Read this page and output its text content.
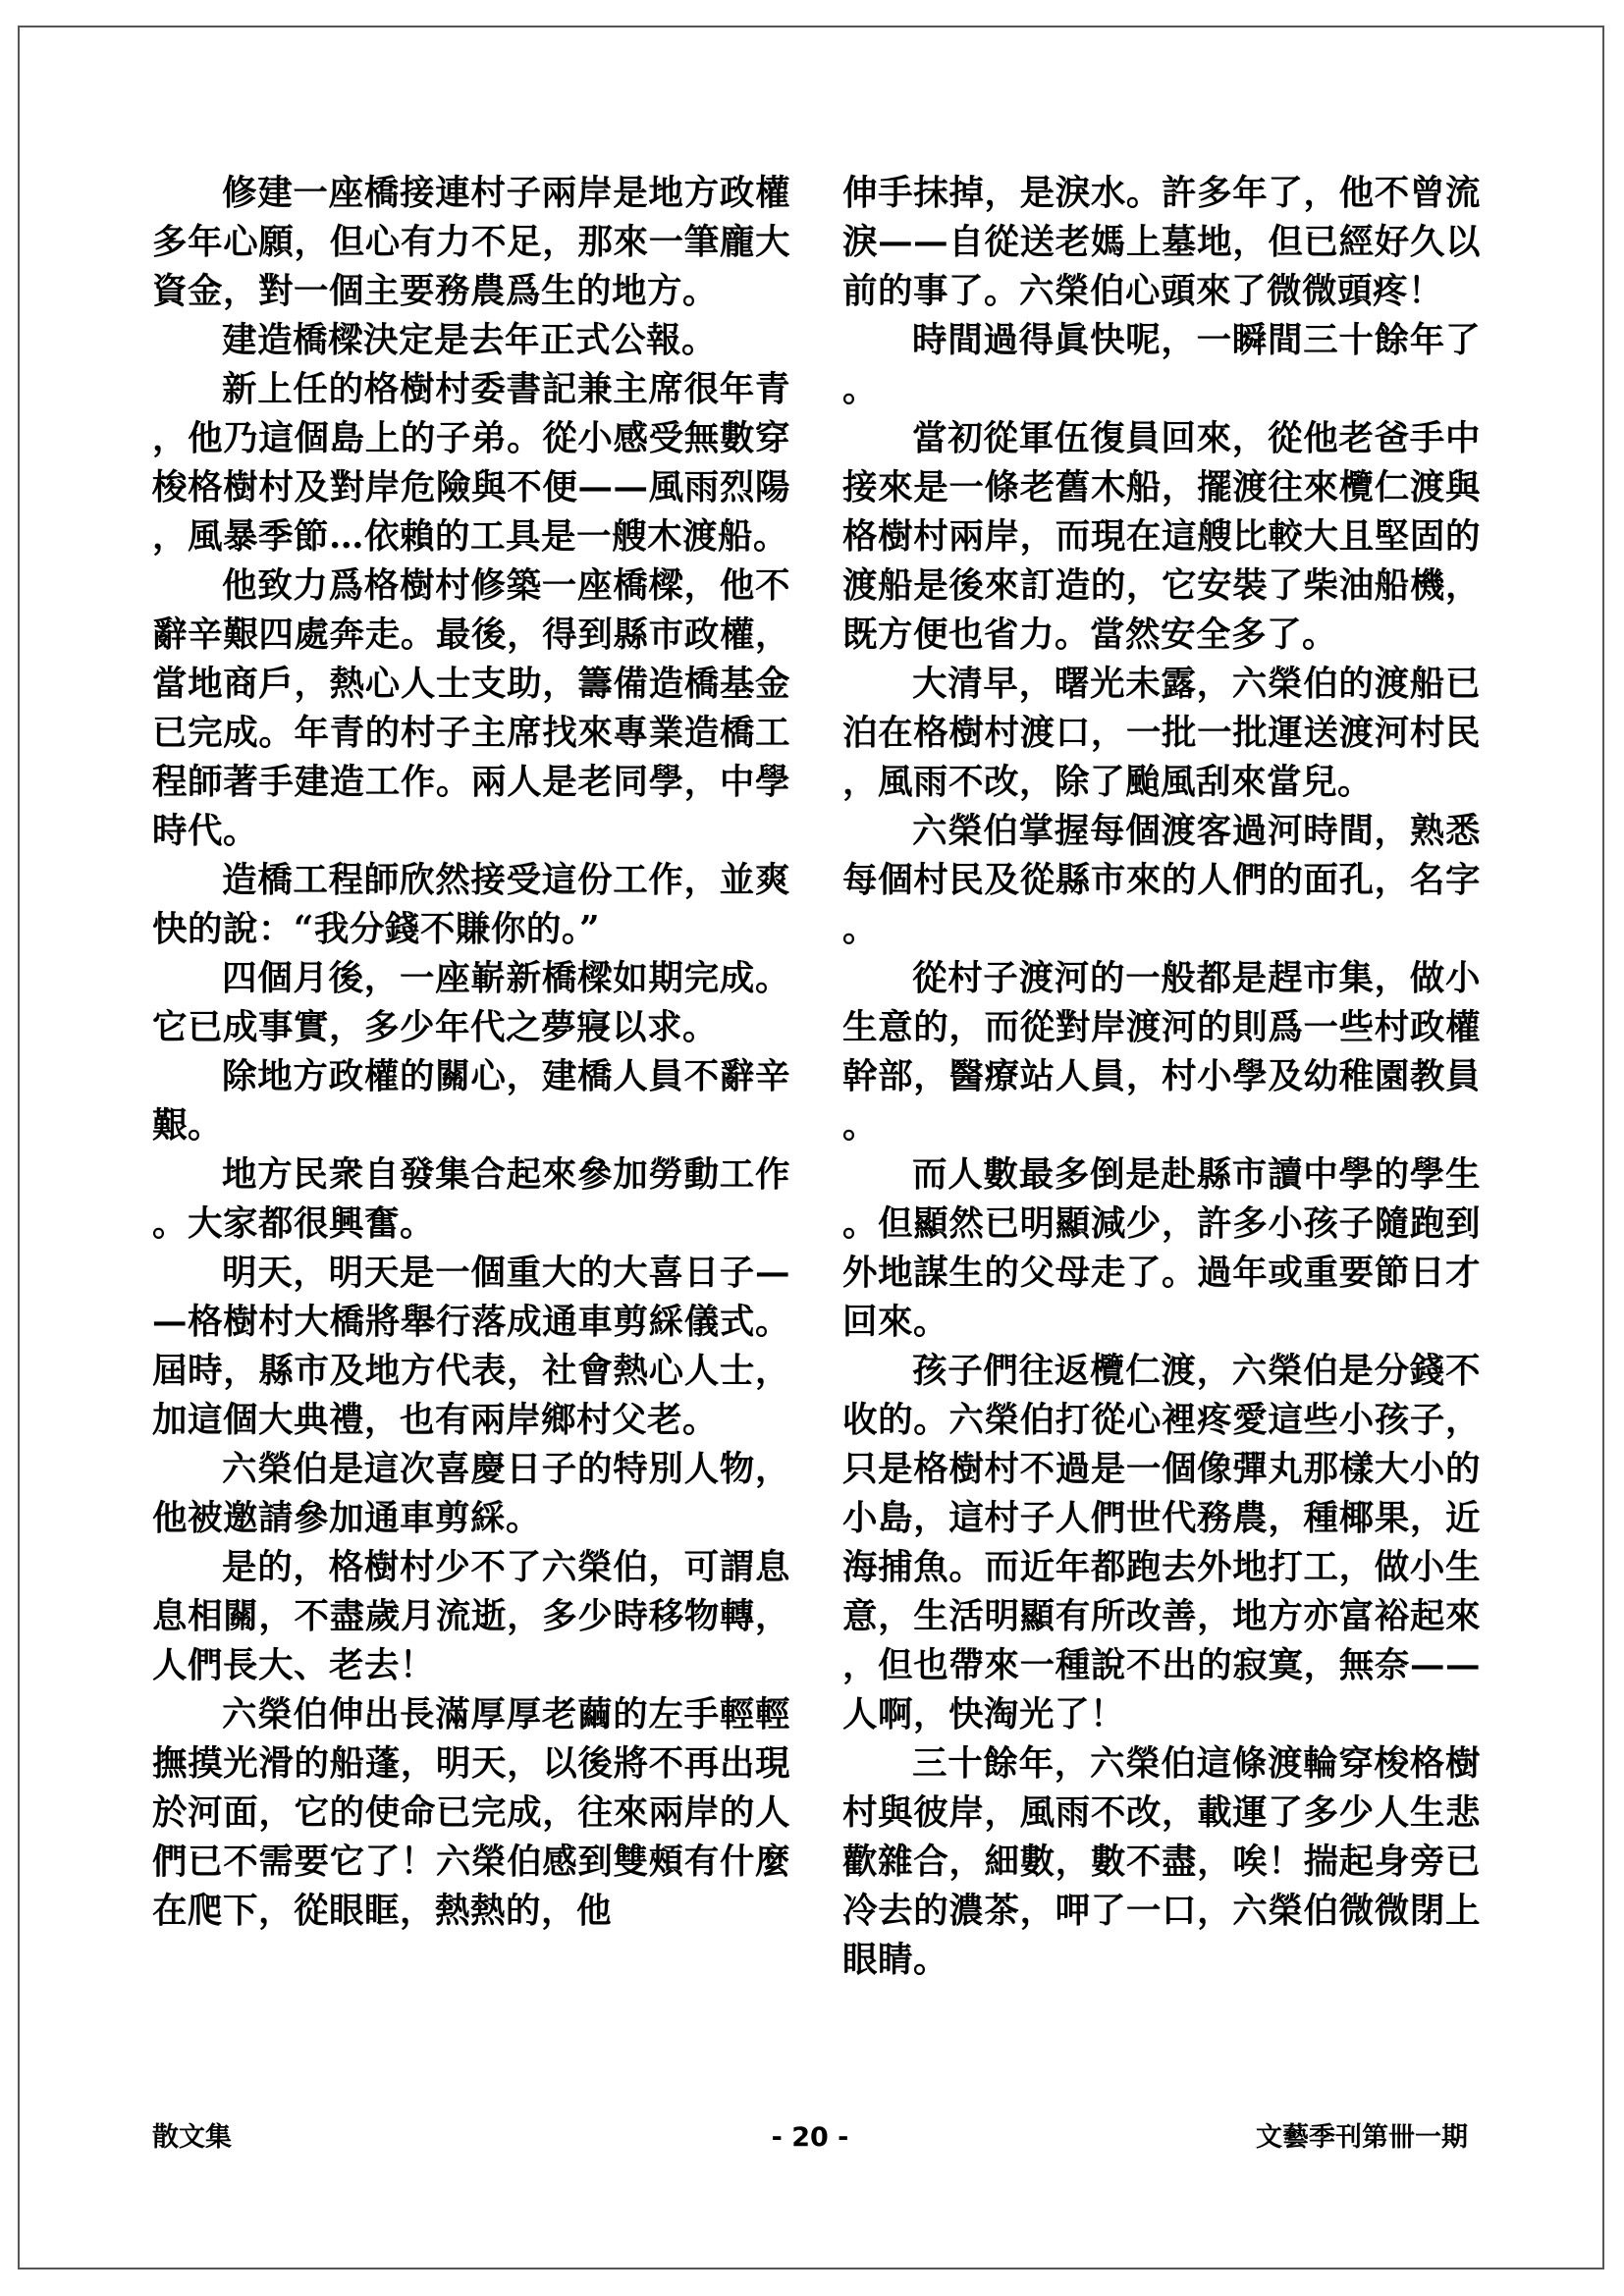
修建一座橋接連村子兩岸是地方政權多年心願，但心有力不足，那來一筆龐大資金，對一個主要務農爲生的地方。

建造橋樑決定是去年正式公報。

新上任的格樹村委書記兼主席很年青，他乃這個島上的子弟。從小感受無數穿梭格樹村及對岸危險與不便——風雨烈陽，風暴季節…依賴的工具是一艘木渡船。

他致力爲格樹村修築一座橋樑，他不辭辛艱四處奔走。最後，得到縣市政權，當地商戶，熱心人士支助，籌備造橋基金已完成。年青的村子主席找來專業造橋工程師著手建造工作。兩人是老同學，中學時代。

造橋工程師欣然接受這份工作，並爽快的說：“我分錢不賺你的。”

四個月後，一座嶄新橋樑如期完成。它已成事實，多少年代之夢寢以求。

除地方政權的關心，建橋人員不辭辛艱。

地方民衆自發集合起來參加勞動工作。大家都很興奮。

明天，明天是一個重大的大喜日子——格樹村大橋將舉行落成通車剪綵儀式。屆時，縣市及地方代表，社會熱心人士，加這個大典禮，也有兩岸鄉村父老。

六榮伯是這次喜慶日子的特別人物，他被邀請參加通車剪綵。

是的，格樹村少不了六榮伯，可謂息息相關，不盡歲月流逝，多少時移物轉，人們長大、老去！

六榮伯伸出長滿厚厚老繭的左手輕輕撫摸光滑的船蓬，明天，以後將不再出現於河面，它的使命已完成，往來兩岸的人們已不需要它了！六榮伯感到雙頰有什麼在爬下，從眼眶，熱熱的，他

伸手抹掉，是淚水。許多年了，他不曾流淚——自從送老媽上墓地，但已經好久以前的事了。六榮伯心頭來了微微頭疼！

時間過得眞快呢，一瞬間三十餘年了。

當初從軍伍復員回來，從他老爸手中接來是一條老舊木船，擺渡往來欖仁渡與格樹村兩岸，而現在這艘比較大且堅固的渡船是後來訂造的，它安裝了柴油船機，既方便也省力。當然安全多了。

大清早，曙光未露，六榮伯的渡船已泊在格樹村渡口，一批一批運送渡河村民，風雨不改，除了颱風刮來當兒。

六榮伯掌握每個渡客過河時間，熟悉每個村民及從縣市來的人們的面孔，名字。

從村子渡河的一般都是趕市集，做小生意的，而從對岸渡河的則爲一些村政權幹部，醫療站人員，村小學及幼稚園教員。

而人數最多倒是赴縣市讀中學的學生。但顯然已明顯減少，許多小孩子隨跑到外地謀生的父母走了。過年或重要節日才回來。

孩子們往返欖仁渡，六榮伯是分錢不收的。六榮伯打從心裡疼愛這些小孩子，只是格樹村不過是一個像彈丸那樣大小的小島，這村子人們世代務農，種椰果，近海捕魚。而近年都跑去外地打工，做小生意，生活明顯有所改善，地方亦富裕起來，但也帶來一種說不出的寂寞，無奈——人啊，快淘光了！

三十餘年，六榮伯這條渡輪穿梭格樹村與彼岸，風雨不改，載運了多少人生悲歡雜合，細數，數不盡，唉！揣起身旁已冷去的濃茶，呷了一口，六榮伯微微閉上眼睛。

散文集	- 20 -	文藝季刊第卌一期
